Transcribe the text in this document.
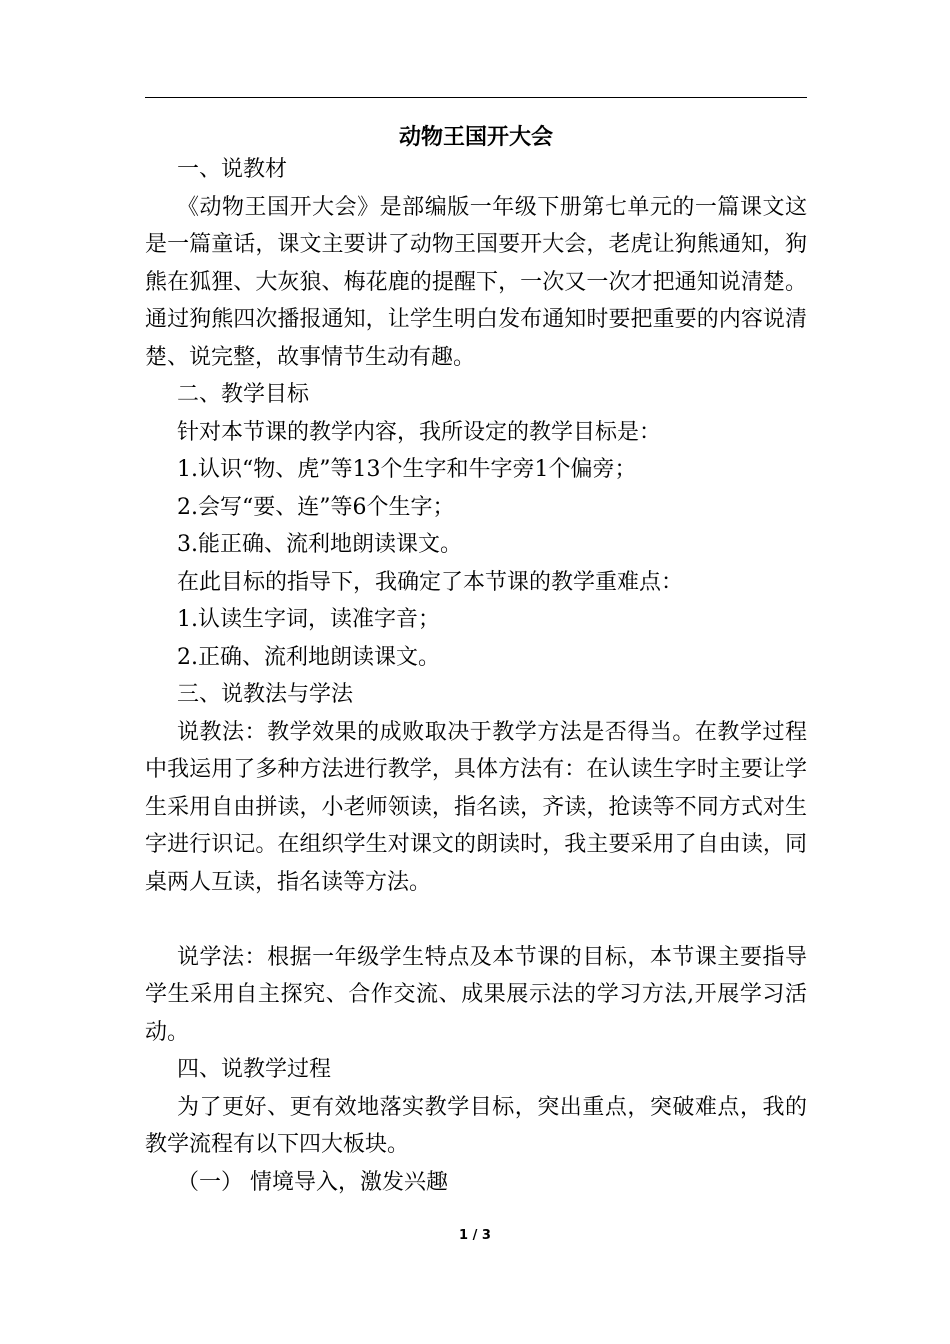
动物王国开大会

一、说教材

《动物王国开大会》是部编版一年级下册第七单元的一篇课文这是一篇童话，课文主要讲了动物王国要开大会，老虎让狗熊通知，狗熊在狐狸、大灰狼、梅花鹿的提醒下，一次又一次才把通知说清楚。通过狗熊四次播报通知，让学生明白发布通知时要把重要的内容说清楚、说完整，故事情节生动有趣。

二、教学目标

针对本节课的教学内容，我所设定的教学目标是：

1.认识“物、虎”等13个生字和牛字旁1个偏旁；

2.会写“要、连”等6个生字；

3.能正确、流利地朗读课文。

在此目标的指导下，我确定了本节课的教学重难点：

1.认读生字词，读准字音；

2.正确、流利地朗读课文。

三、说教法与学法

说教法：教学效果的成败取决于教学方法是否得当。在教学过程中我运用了多种方法进行教学，具体方法有：在认读生字时主要让学生采用自由拼读，小老师领读，指名读，齐读，抢读等不同方式对生字进行识记。在组织学生对课文的朗读时，我主要采用了自由读，同桌两人互读，指名读等方法。

说学法：根据一年级学生特点及本节课的目标，本节课主要指导学生采用自主探究、合作交流、成果展示法的学习方法,开展学习活动。

四、说教学过程

为了更好、更有效地落实教学目标，突出重点，突破难点，我的教学流程有以下四大板块。

（一） 情境导入，激发兴趣

1 / 3
